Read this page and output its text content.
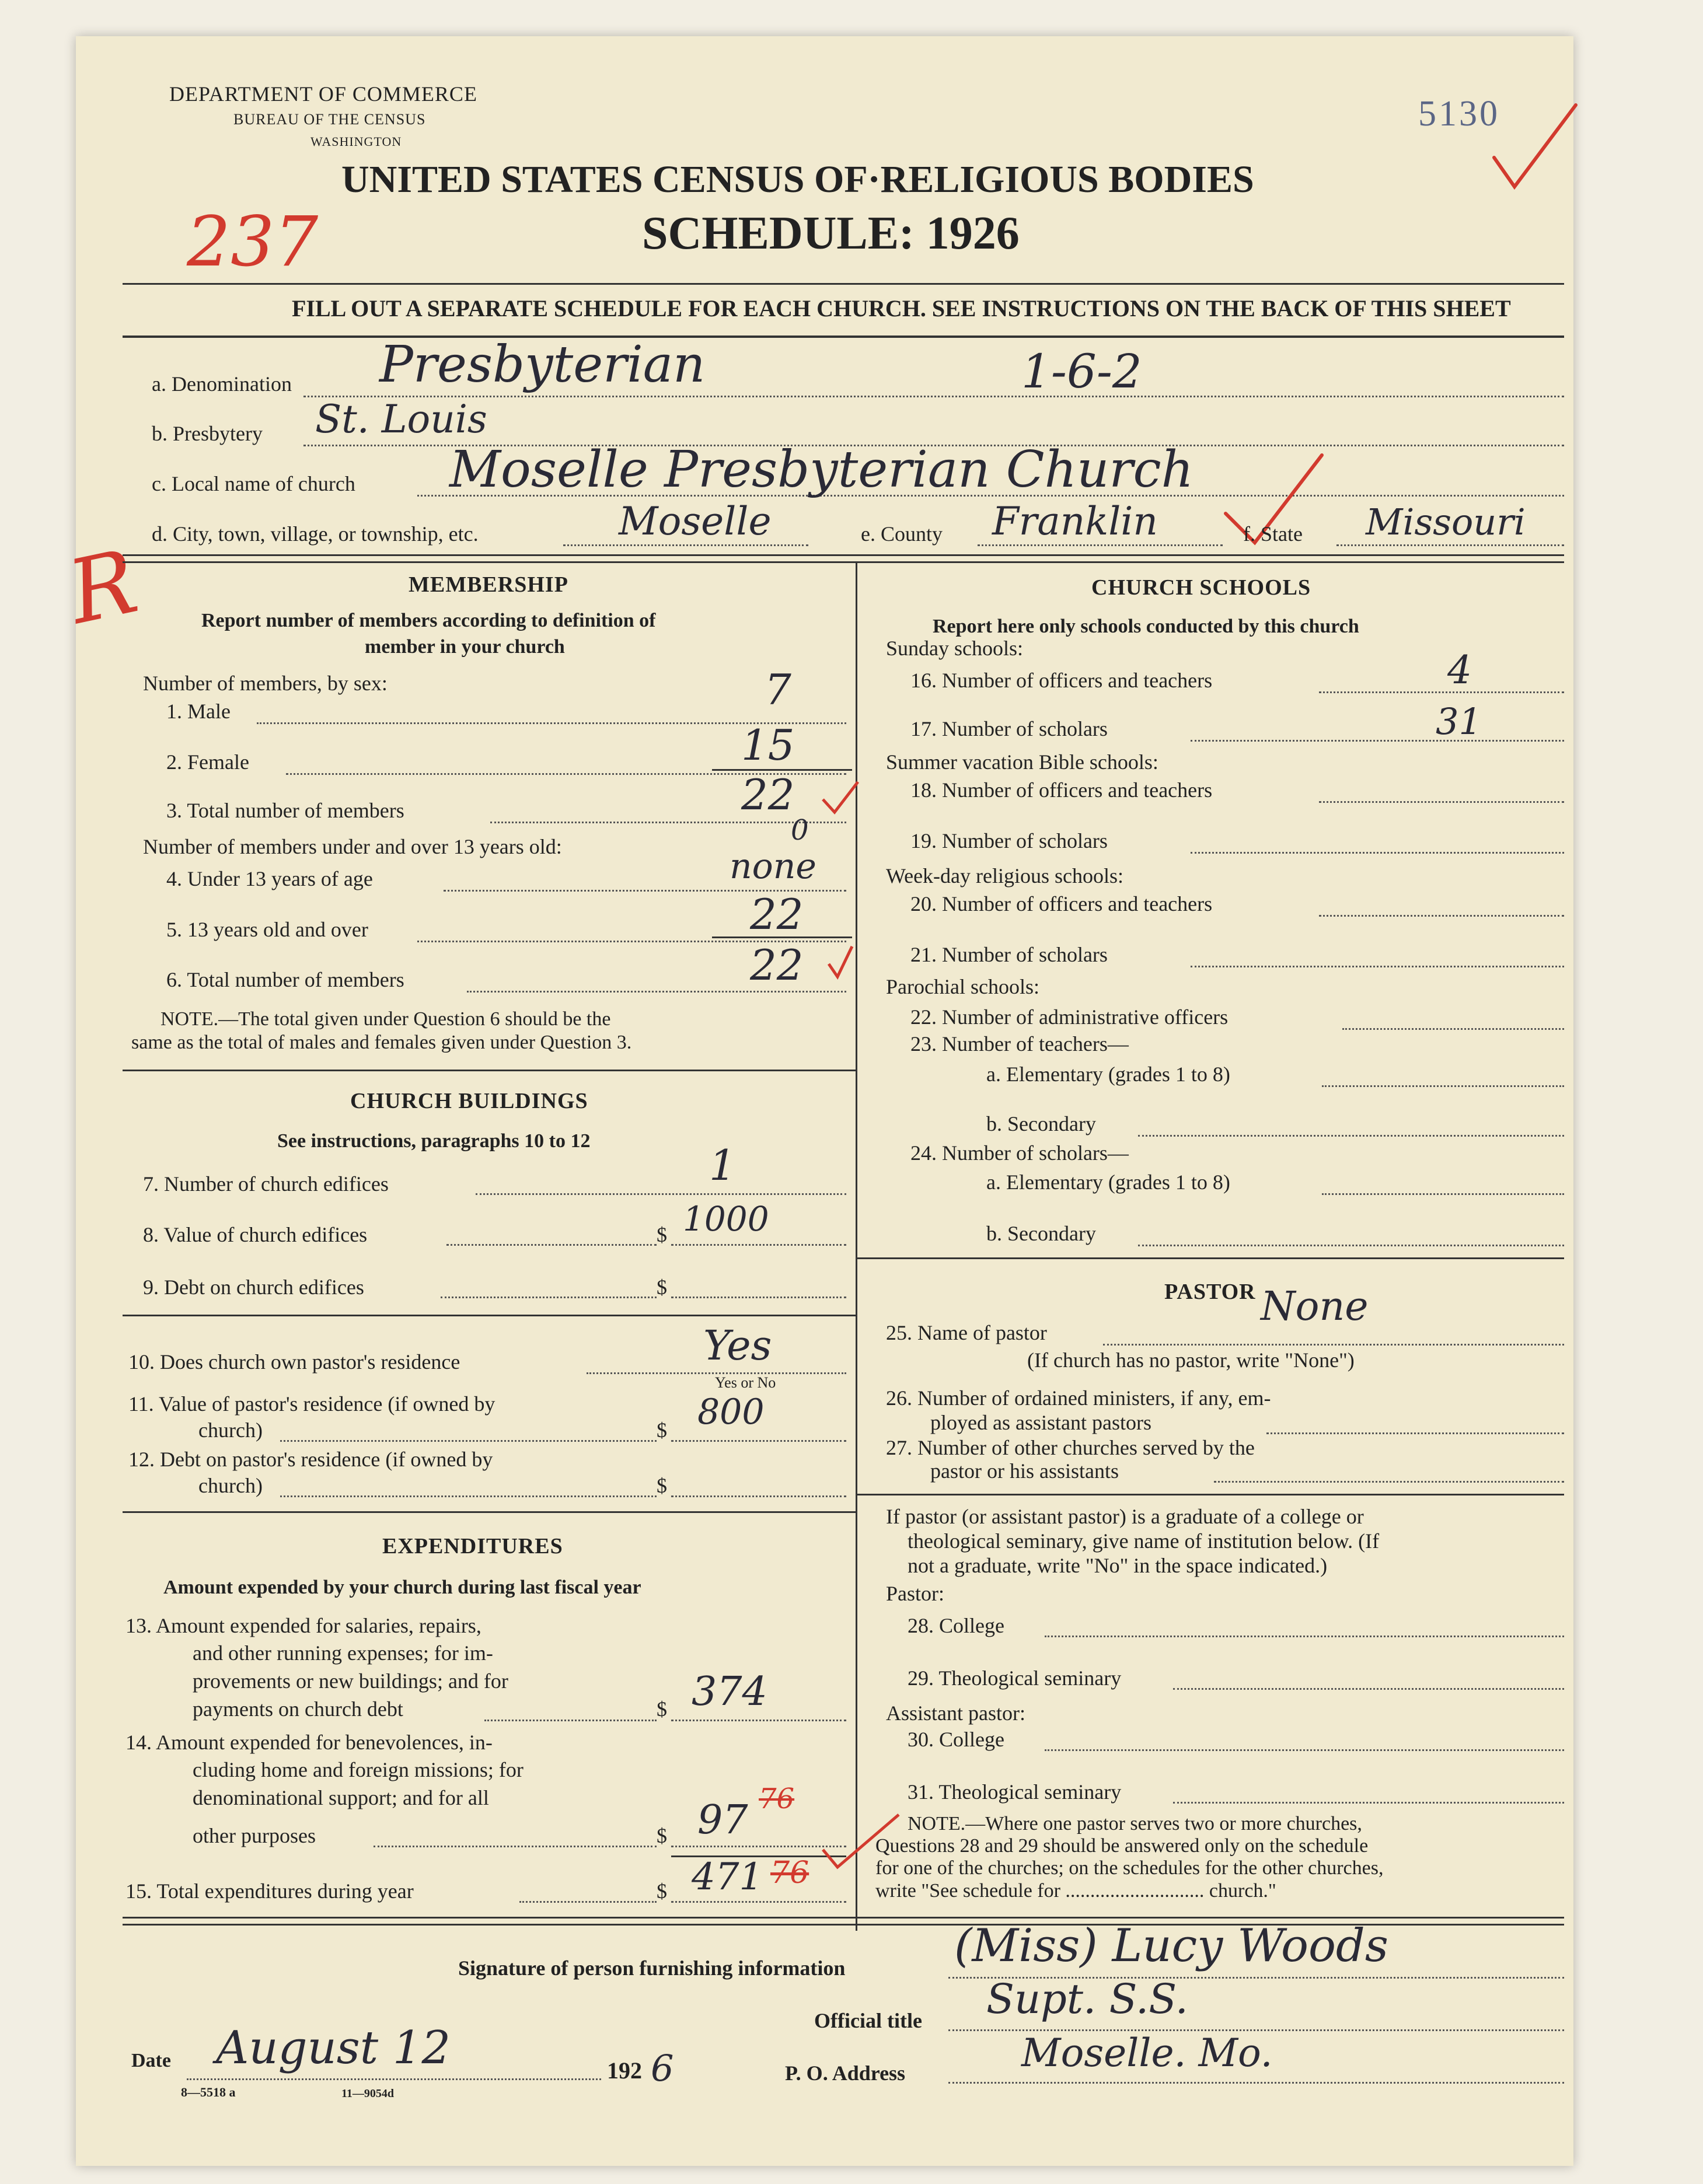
DEPARTMENT OF COMMERCE
BUREAU OF THE CENSUS
WASHINGTON
5130
UNITED STATES CENSUS OF·RELIGIOUS BODIES
SCHEDULE: 1926
237
R
FILL OUT A SEPARATE SCHEDULE FOR EACH CHURCH. SEE INSTRUCTIONS ON THE BACK OF THIS SHEET
a. Denomination Presbyterian	1-6-2
b. Presbytery St. Louis
c. Local name of church Moselle Presbyterian Church
d. City, town, village, or township, etc.	Moselle	e. County Franklin	f. State Missouri
MEMBERSHIP
Report number of members according to definition of
member in your church
Number of members, by sex:
1. Male	7
2. Female	15
3. Total number of members	22
Number of members under and over 13 years old:
4. Under 13 years of age	none
0
5. 13 years old and over	22
6. Total number of members	22
NOTE.—The total given under Question 6 should be the
same as the total of males and females given under Question 3.
CHURCH BUILDINGS
See instructions, paragraphs 10 to 12
7. Number of church edifices	1
8. Value of church edifices	$ 1000
9. Debt on church edifices	$
10. Does church own pastor's residence	Yes
Yes or No
11. Value of pastor's residence (if owned by
church)	$ 800
12. Debt on pastor's residence (if owned by
church)	$
EXPENDITURES
Amount expended by your church during last fiscal year
13. Amount expended for salaries, repairs,
and other running expenses; for im-
provements or new buildings; and for
payments on church debt	$ 374
14. Amount expended for benevolences, in-
cluding home and foreign missions; for
denominational support; and for all
other purposes	$ 97 76
15. Total expenditures during year	$ 471 76
CHURCH SCHOOLS
Report here only schools conducted by this church
Sunday schools:
16. Number of officers and teachers	4
17. Number of scholars	31
Summer vacation Bible schools:
18. Number of officers and teachers
19. Number of scholars
Week-day religious schools:
20. Number of officers and teachers
21. Number of scholars
Parochial schools:
22. Number of administrative officers
23. Number of teachers—
a. Elementary (grades 1 to 8)
b. Secondary
24. Number of scholars—
a. Elementary (grades 1 to 8)
b. Secondary
PASTOR
25. Name of pastor
None
(If church has no pastor, write "None")
26. Number of ordained ministers, if any, em-
ployed as assistant pastors
27. Number of other churches served by the
pastor or his assistants
If pastor (or assistant pastor) is a graduate of a college or
theological seminary, give name of institution below. (If
not a graduate, write "No" in the space indicated.)
Pastor:
28. College
29. Theological seminary
Assistant pastor:
30. College
31. Theological seminary
NOTE.—Where one pastor serves two or more churches,
Questions 28 and 29 should be answered only on the schedule
for one of the churches; on the schedules for the other churches,
write "See schedule for ............................ church."
Signature of person furnishing information (Miss) Lucy Woods
Official title Supt. S.S.
Date August 12	192 6	P. O. Address	Moselle. Mo.
8—5518 a	11—9054d
